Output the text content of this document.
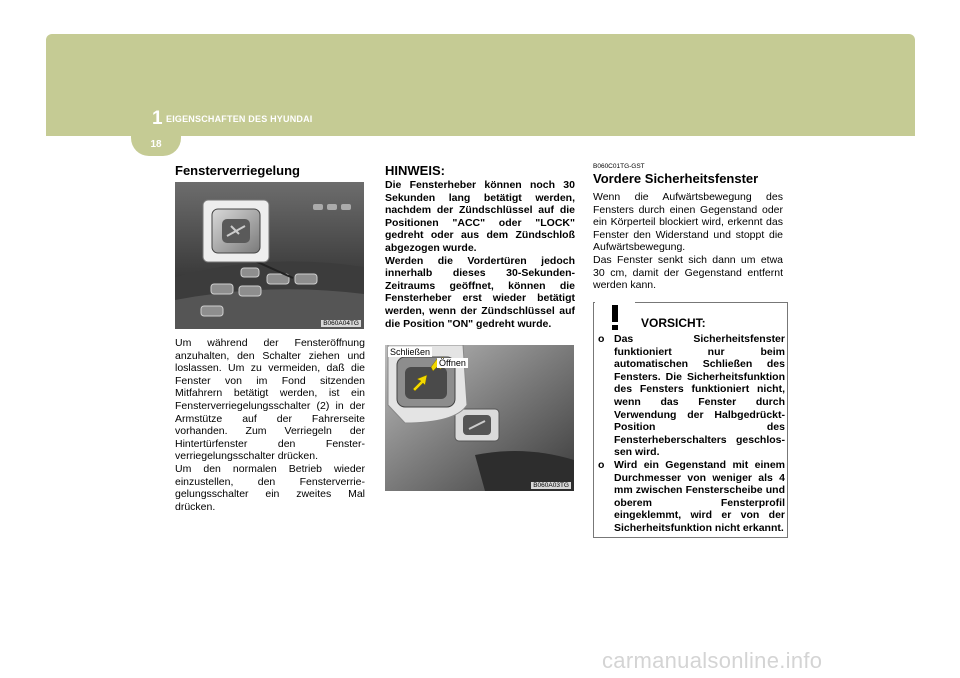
1 EIGENSCHAFTEN DES HYUNDAI
18
Fensterverriegelung
B060A04TG

Um während der Fensteröffnung anzuhalten, den Schalter ziehen und loslassen. Um zu vermeiden, daß die Fenster von im Fond sitzenden Mitfahrern betätigt werden, ist ein Fensterverriegelungsschalter (2) in der Armstütze auf der Fahrerseite vorhanden. Zum Verriegeln der Hintertürfenster den Fenster-verriegelungsschalter drücken.

Um den normalen Betrieb wieder einzustellen, den Fensterverrie-gelungsschalter ein zweites Mal drücken.

HINWEIS:

Die Fensterheber können noch 30 Sekunden lang betätigt werden, nachdem der Zündschlüssel auf die Positionen "ACC" oder "LOCK" gedreht oder aus dem Zündschloß abgezogen wurde.

Werden die Vordertüren jedoch innerhalb dieses 30-Sekunden-Zeitraums geöffnet, können die Fensterheber erst wieder betätigt werden, wenn der Zündschlüssel auf die Position "ON" gedreht wurde.

Schließen
Öffnen
B060A03TG

B060C01TG-GST

Vordere Sicherheitsfenster

Wenn die Aufwärtsbewegung des Fensters durch einen Gegenstand oder ein Körperteil blockiert wird, erkennt das Fenster den Widerstand und stoppt die Aufwärtsbewegung.

Das Fenster senkt sich dann um etwa 30 cm, damit der Gegenstand entfernt werden kann.

VORSICHT:
o Das Sicherheitsfenster funktioniert nur beim automatischen Schließen des Fensters. Die Sicherheitsfunktion des Fensters funktioniert nicht, wenn das Fenster durch Verwendung der Halbgedrückt-Position des Fensterheberschalters geschlos-sen wird.
o Wird ein Gegenstand mit einem Durchmesser von weniger als 4 mm zwischen Fensterscheibe und oberem Fensterprofil eingeklemmt, wird er von der Sicherheitsfunktion nicht erkannt.
carmanualsonline.info
